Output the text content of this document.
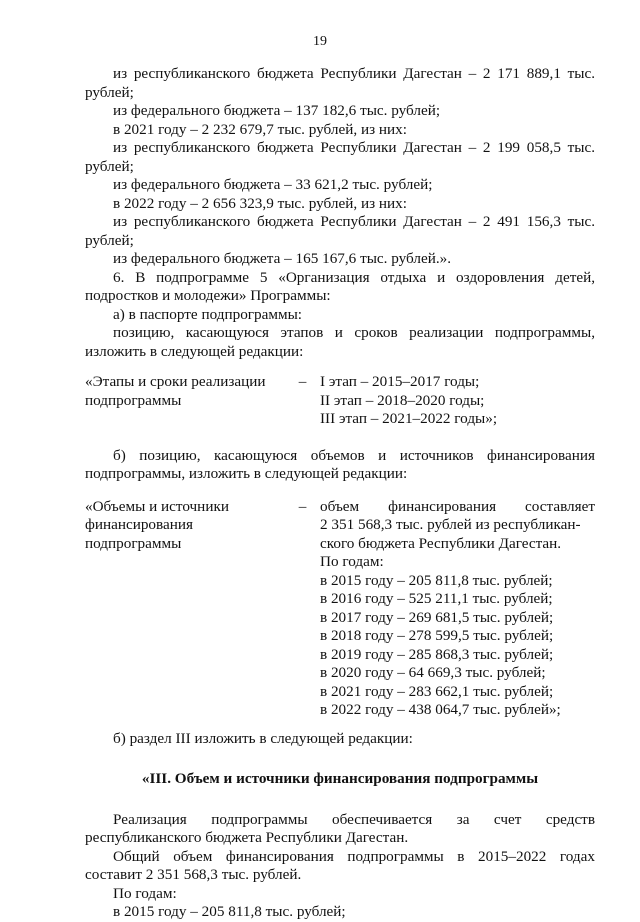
19

из республиканского бюджета Республики Дагестан – 2 171 889,1 тыс.

рублей;

из федерального бюджета – 137 182,6 тыс. рублей;

в 2021 году – 2 232 679,7 тыс. рублей, из них:

из республиканского бюджета Республики Дагестан – 2 199 058,5 тыс.

рублей;

из федерального бюджета – 33 621,2 тыс. рублей;

в 2022 году – 2 656 323,9 тыс. рублей, из них:

из республиканского бюджета Республики Дагестан – 2 491 156,3 тыс.

рублей;

из федерального бюджета – 165 167,6 тыс. рублей.».

6. В подпрограмме 5 «Организация отдыха и оздоровления детей,

подростков и молодежи» Программы:

а) в паспорте подпрограммы:

позицию, касающуюся этапов и сроков реализации подпрограммы,

изложить в следующей редакции:

«Этапы и сроки реализации подпрограммы
– I этап – 2015–2017 годы;
II этап – 2018–2020 годы;
III этап – 2021–2022 годы»;

б) позицию, касающуюся объемов и источников финансирования

подпрограммы, изложить в следующей редакции:

«Объемы и источники
финансирования
подпрограммы
– объем финансирования составляет
2 351 568,3 тыс. рублей из республикан-
ского бюджета Республики Дагестан.
По годам:
в 2015 году – 205 811,8 тыс. рублей;
в 2016 году – 525 211,1 тыс. рублей;
в 2017 году – 269 681,5 тыс. рублей;
в 2018 году – 278 599,5 тыс. рублей;
в 2019 году – 285 868,3 тыс. рублей;
в 2020 году – 64 669,3 тыс. рублей;
в 2021 году – 283 662,1 тыс. рублей;
в 2022 году – 438 064,7 тыс. рублей»;

б) раздел III изложить в следующей редакции:

«III. Объем и источники финансирования подпрограммы

Реализация подпрограммы обеспечивается за счет средств

республиканского бюджета Республики Дагестан.

Общий объем финансирования подпрограммы в 2015–2022 годах

составит 2 351 568,3 тыс. рублей.

По годам:

в 2015 году – 205 811,8 тыс. рублей;
